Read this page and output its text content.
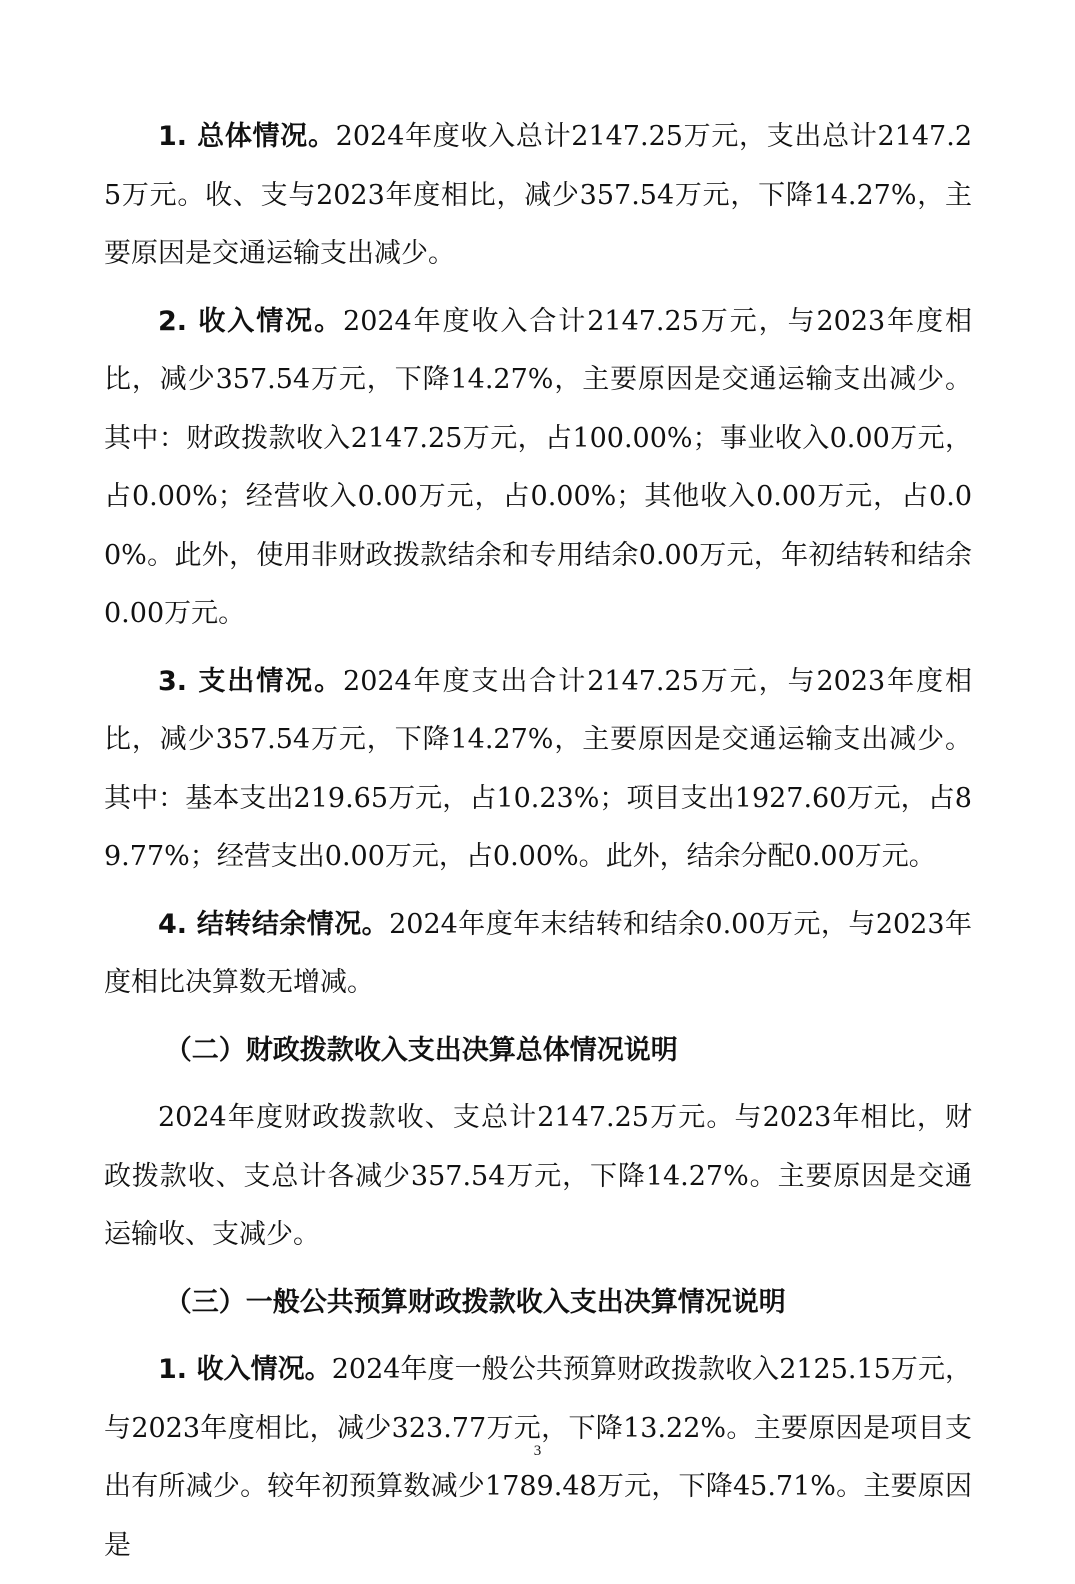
1. 总体情况。2024年度收入总计2147.25万元，支出总计2147.25万元。收、支与2023年度相比，减少357.54万元，下降14.27%，主要原因是交通运输支出减少。

2. 收入情况。2024年度收入合计2147.25万元，与2023年度相比，减少357.54万元，下降14.27%，主要原因是交通运输支出减少。其中：财政拨款收入2147.25万元，占100.00%；事业收入0.00万元，占0.00%；经营收入0.00万元，占0.00%；其他收入0.00万元，占0.00%。此外，使用非财政拨款结余和专用结余0.00万元，年初结转和结余0.00万元。

3. 支出情况。2024年度支出合计2147.25万元，与2023年度相比，减少357.54万元，下降14.27%，主要原因是交通运输支出减少。其中：基本支出219.65万元，占10.23%；项目支出1927.60万元，占89.77%；经营支出0.00万元，占0.00%。此外，结余分配0.00万元。

4. 结转结余情况。2024年度年末结转和结余0.00万元，与2023年度相比决算数无增减。

（二）财政拨款收入支出决算总体情况说明

2024年度财政拨款收、支总计2147.25万元。与2023年相比，财政拨款收、支总计各减少357.54万元，下降14.27%。主要原因是交通运输收、支减少。

（三）一般公共预算财政拨款收入支出决算情况说明

1. 收入情况。2024年度一般公共预算财政拨款收入2125.15万元，与2023年度相比，减少323.77万元，下降13.22%。主要原因是项目支出有所减少。较年初预算数减少1789.48万元，下降45.71%。主要原因是

3
